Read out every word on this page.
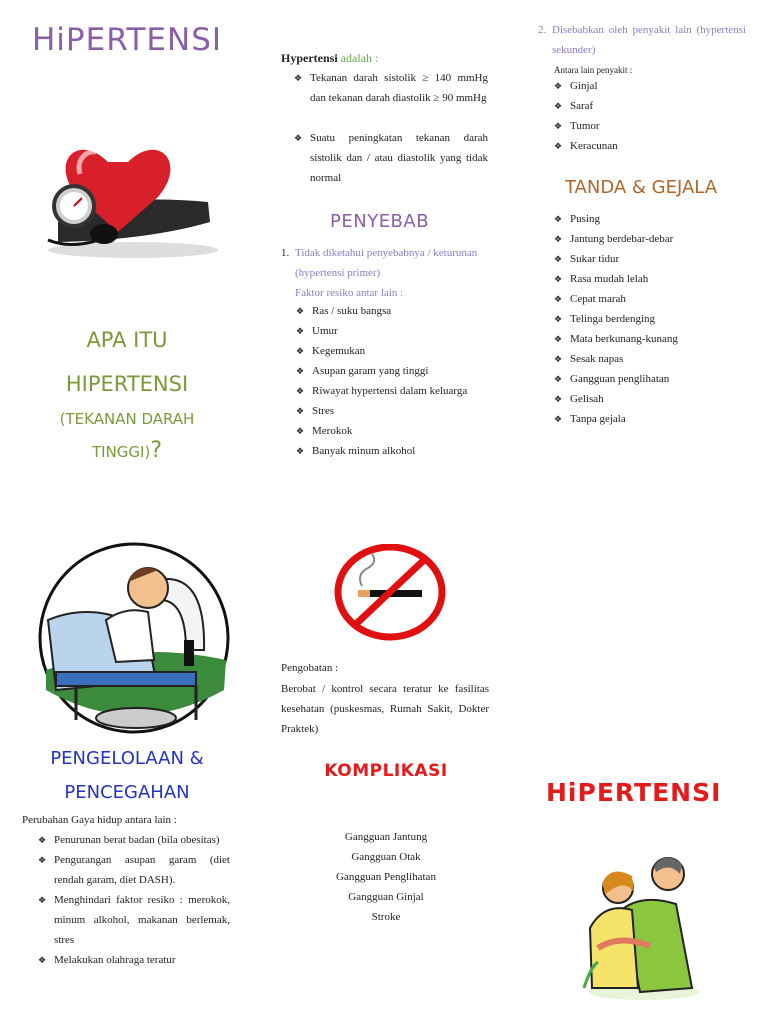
HiPERTENSI
APA ITU
HIPERTENSI
(TEKANAN DARAH
TINGGI)?
PENGELOLAAN &
PENCEGAHAN
Perubahan Gaya hidup antara lain :
❖ Penurunan berat badan (bila obesitas)
❖ Pengurangan asupan garam (diet rendah garam, diet DASH).
❖ Menghindari faktor resiko : merokok, minum alkohol, makanan berlemak, stres
❖ Melakukan olahraga teratur
Hypertensi adalah :
❖ Tekanan darah sistolik ≥ 140 mmHg dan tekanan darah diastolik ≥ 90 mmHg
❖ Suatu peningkatan tekanan darah sistolik dan / atau diastolik yang tidak normal
PENYEBAB
1. Tidak diketahui penyebabnya / keturunan (hypertensi primer)
Faktor resiko antar lain :
❖ Ras / suku bangsa
❖ Umur
❖ Kegemukan
❖ Asupan garam yang tinggi
❖ Riwayat hypertensi dalam keluarga
❖ Stres
❖ Merokok
❖ Banyak minum alkohol
Pengobatan :
Berobat / kontrol secara teratur ke fasilitas kesehatan (puskesmas, Rumah Sakit, Dokter Praktek)
KOMPLIKASI
Gangguan Jantung
Gangguan Otak
Gangguan Penglihatan
Gangguan Ginjal
Stroke
2. Disebabkan oleh penyakit lain (hypertensi sekunder)
Antara lain penyakit :
❖ Ginjal
❖ Saraf
❖ Tumor
❖ Keracunan
TANDA & GEJALA
❖ Pusing
❖ Jantung berdebar-debar
❖ Sukar tidur
❖ Rasa mudah lelah
❖ Cepat marah
❖ Telinga berdenging
❖ Mata berkunang-kunang
❖ Sesak napas
❖ Gangguan penglihatan
❖ Gelisah
❖ Tanpa gejala
HiPERTENSI
